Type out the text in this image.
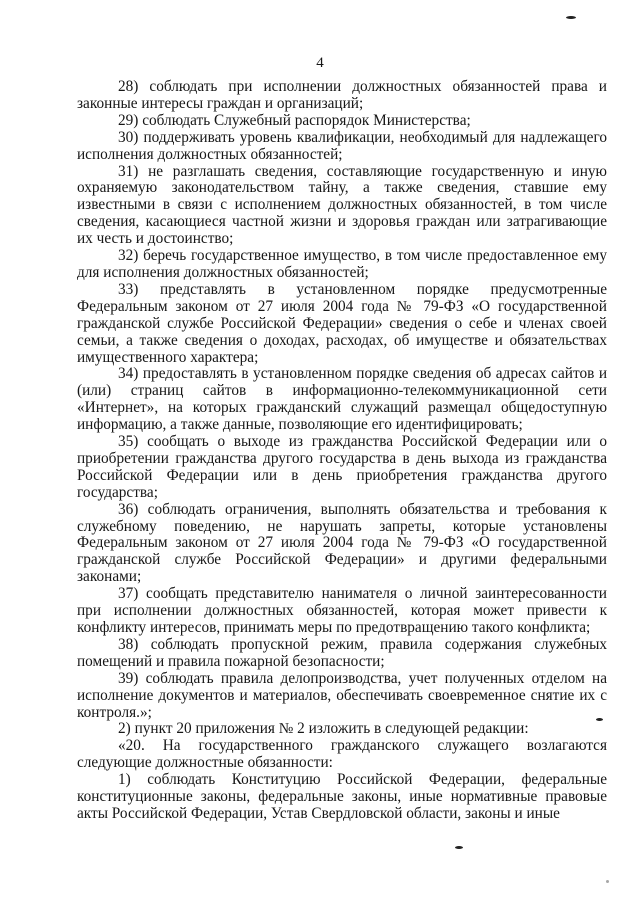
4

28) соблюдать при исполнении должностных обязанностей права и законные интересы граждан и организаций;

29) соблюдать Служебный распорядок Министерства;

30) поддерживать уровень квалификации, необходимый для надлежащего исполнения должностных обязанностей;

31) не разглашать сведения, составляющие государственную и иную охраняемую законодательством тайну, а также сведения, ставшие ему известными в связи с исполнением должностных обязанностей, в том числе сведения, касающиеся частной жизни и здоровья граждан или затрагивающие их честь и достоинство;

32) беречь государственное имущество, в том числе предоставленное ему для исполнения должностных обязанностей;

33) представлять в установленном порядке предусмотренные Федеральным законом от 27 июля 2004 года № 79-ФЗ «О государственной гражданской службе Российской Федерации» сведения о себе и членах своей семьи, а также сведения о доходах, расходах, об имуществе и обязательствах имущественного характера;

34) предоставлять в установленном порядке сведения об адресах сайтов и (или) страниц сайтов в информационно-телекоммуникационной сети «Интернет», на которых гражданский служащий размещал общедоступную информацию, а также данные, позволяющие его идентифицировать;

35) сообщать о выходе из гражданства Российской Федерации или о приобретении гражданства другого государства в день выхода из гражданства Российской Федерации или в день приобретения гражданства другого государства;

36) соблюдать ограничения, выполнять обязательства и требования к служебному поведению, не нарушать запреты, которые установлены Федеральным законом от 27 июля 2004 года № 79-ФЗ «О государственной гражданской службе Российской Федерации» и другими федеральными законами;

37) сообщать представителю нанимателя о личной заинтересованности при исполнении должностных обязанностей, которая может привести к конфликту интересов, принимать меры по предотвращению такого конфликта;

38) соблюдать пропускной режим, правила содержания служебных помещений и правила пожарной безопасности;

39) соблюдать правила делопроизводства, учет полученных отделом на исполнение документов и материалов, обеспечивать своевременное снятие их с контроля.»;

2) пункт 20 приложения № 2 изложить в следующей редакции:

«20. На государственного гражданского служащего возлагаются следующие должностные обязанности:

1) соблюдать Конституцию Российской Федерации, федеральные конституционные законы, федеральные законы, иные нормативные правовые акты Российской Федерации, Устав Свердловской области, законы и иные
